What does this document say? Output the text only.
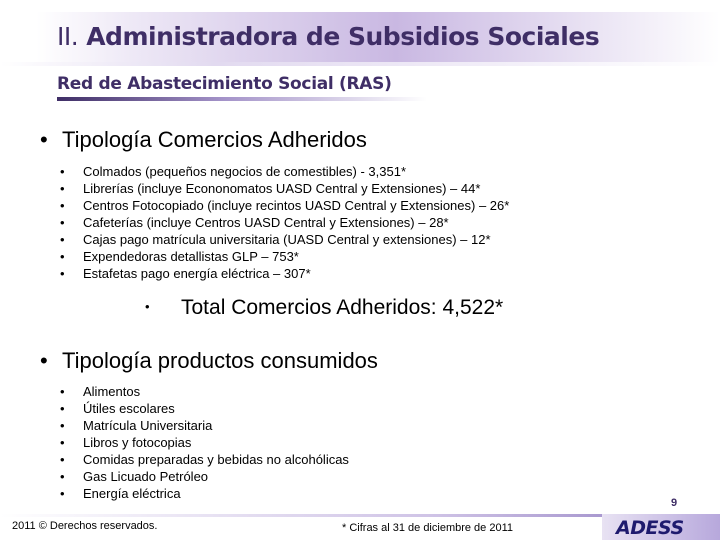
II. Administradora de Subsidios Sociales
Red de Abastecimiento Social (RAS)
• Tipología Comercios Adheridos
• Colmados (pequeños negocios de comestibles) - 3,351*
• Librerías (incluye Econonomatos UASD Central y Extensiones) – 44*
• Centros Fotocopiado (incluye recintos UASD Central y Extensiones) – 26*
• Cafeterías (incluye Centros UASD Central y Extensiones) – 28*
• Cajas pago matrícula universitaria (UASD Central y extensiones) – 12*
• Expendedoras detallistas GLP – 753*
• Estafetas pago energía eléctrica – 307*
• Total Comercios Adheridos: 4,522*
• Tipología productos consumidos
• Alimentos
• Útiles escolares
• Matrícula Universitaria
• Libros y fotocopias
• Comidas preparadas y bebidas no alcohólicas
• Gas Licuado Petróleo
• Energía eléctrica
9
2011 © Derechos reservados.	* Cifras al 31 de diciembre de 2011	ADESS
